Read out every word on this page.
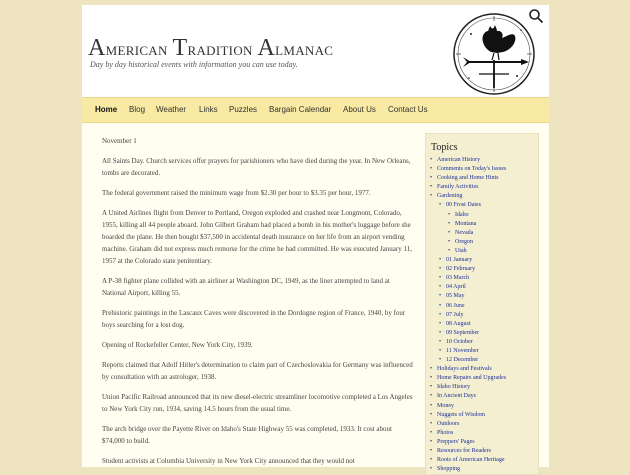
American Tradition Almanac
Day by day historical events with information you can use today.
Home Blog Weather Links Puzzles Bargain Calendar About Us Contact Us

November 1

All Saints Day. Church services offer prayers for parishioners who have died during the year. In New Orleans, tombs are decorated.

The federal government raised the minimum wage from $2.30 per hour to $3.35 per hour, 1977.

A United Airlines flight from Denver to Portland, Oregon exploded and crashed near Longmont, Colorado, 1955, killing all 44 people aboard. John Gilbert Graham had placed a bomb in his mother's luggage before she boarded the plane. He then bought $37,500 in accidental death insurance on her life from an airport vending machine. Graham did not express much remorse for the crime he had committed. He was executed January 11, 1957 at the Colorado state penitentiary.

A P-38 fighter plane collided with an airliner at Washington DC, 1949, as the liner attempted to land at National Airport, killing 55.

Prehistoric paintings in the Lascaux Caves were discovered in the Dordogne region of France, 1940, by four boys searching for a lost dog.

Opening of Rockefeller Center, New York City, 1939.

Reports claimed that Adolf Hitler's determination to claim part of Czechoslovakia for Germany was influenced by consultation with an astrologer, 1938.

Union Pacific Railroad announced that its new diesel-electric streamliner locomotive completed a Los Angeles to New York City run, 1934, saving 14.5 hours from the usual time.

The arch bridge over the Payette River on Idaho's State Highway 55 was completed, 1933. It cost about $74,000 to build.

Student activists at Columbia University in New York City announced that they would not

Topics
• American History
• Comments on Today's Issues
• Cooking and Home Hints
• Family Activities
• Gardening
• 00 Frost Dates
• Idaho
• Montana
• Nevada
• Oregon
• Utah
• 01 January
• 02 February
• 03 March
• 04 April
• 05 May
• 06 June
• 07 July
• 08 August
• 09 September
• 10 October
• 11 November
• 12 December
• Holidays and Festivals
• Home Repairs and Upgrades
• Idaho History
• In Ancient Days
• Money
• Nuggets of Wisdom
• Outdoors
• Photos
• Preppers' Pages
• Resources for Readers
• Roots of American Heritage
• Shopping
